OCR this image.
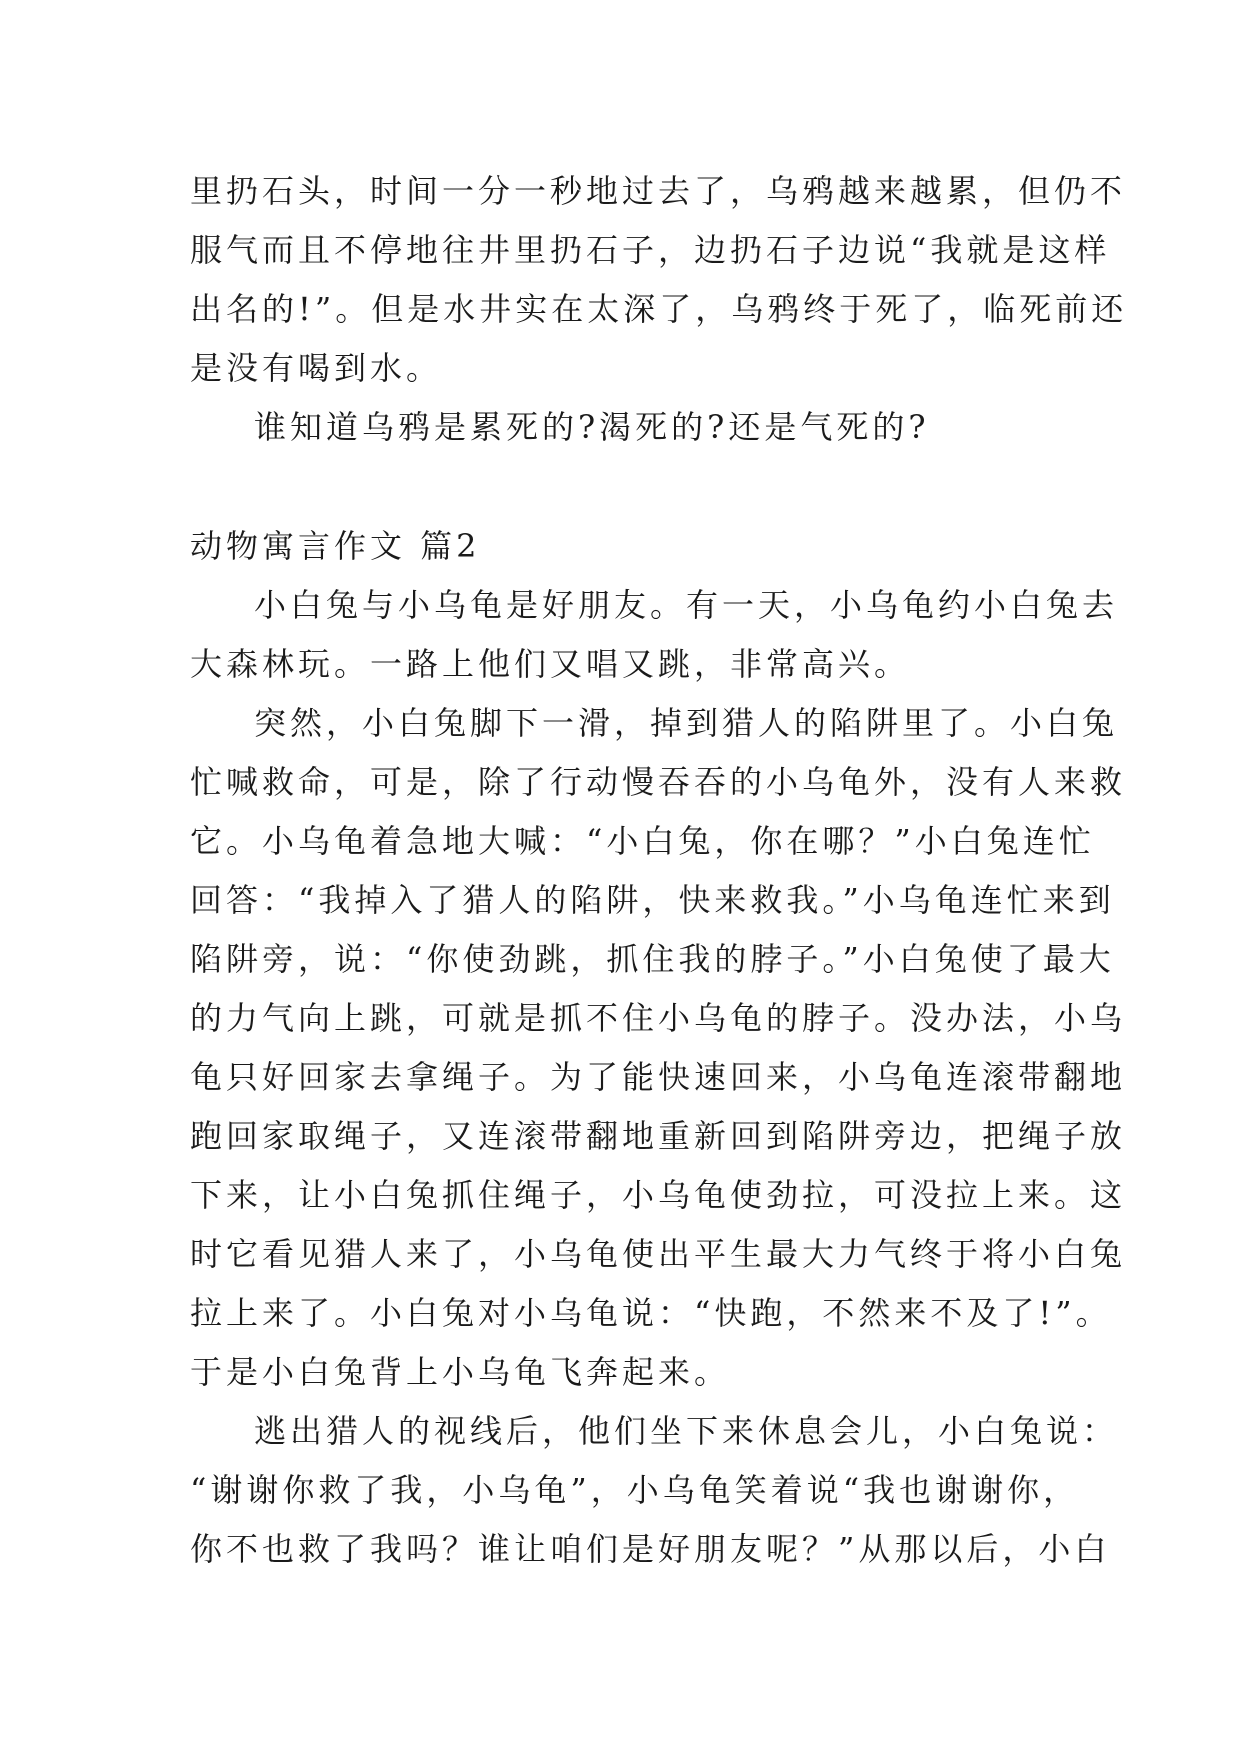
里扔石头，时间一分一秒地过去了，乌鸦越来越累，但仍不
服气而且不停地往井里扔石子，边扔石子边说“我就是这样
出名的!”。但是水井实在太深了，乌鸦终于死了，临死前还
是没有喝到水。
谁知道乌鸦是累死的?渴死的?还是气死的?
动物寓言作文 篇2
小白兔与小乌龟是好朋友。有一天，小乌龟约小白兔去
大森林玩。一路上他们又唱又跳，非常高兴。
突然，小白兔脚下一滑，掉到猎人的陷阱里了。小白兔
忙喊救命，可是，除了行动慢吞吞的小乌龟外，没有人来救
它。小乌龟着急地大喊：“小白兔，你在哪？”小白兔连忙
回答：“我掉入了猎人的陷阱，快来救我。”小乌龟连忙来到
陷阱旁，说：“你使劲跳，抓住我的脖子。”小白兔使了最大
的力气向上跳，可就是抓不住小乌龟的脖子。没办法，小乌
龟只好回家去拿绳子。为了能快速回来，小乌龟连滚带翻地
跑回家取绳子，又连滚带翻地重新回到陷阱旁边，把绳子放
下来，让小白兔抓住绳子，小乌龟使劲拉，可没拉上来。这
时它看见猎人来了，小乌龟使出平生最大力气终于将小白兔
拉上来了。小白兔对小乌龟说：“快跑，不然来不及了!”。
于是小白兔背上小乌龟飞奔起来。
逃出猎人的视线后，他们坐下来休息会儿，小白兔说：
“谢谢你救了我，小乌龟”，小乌龟笑着说“我也谢谢你，
你不也救了我吗？谁让咱们是好朋友呢？”从那以后，小白
